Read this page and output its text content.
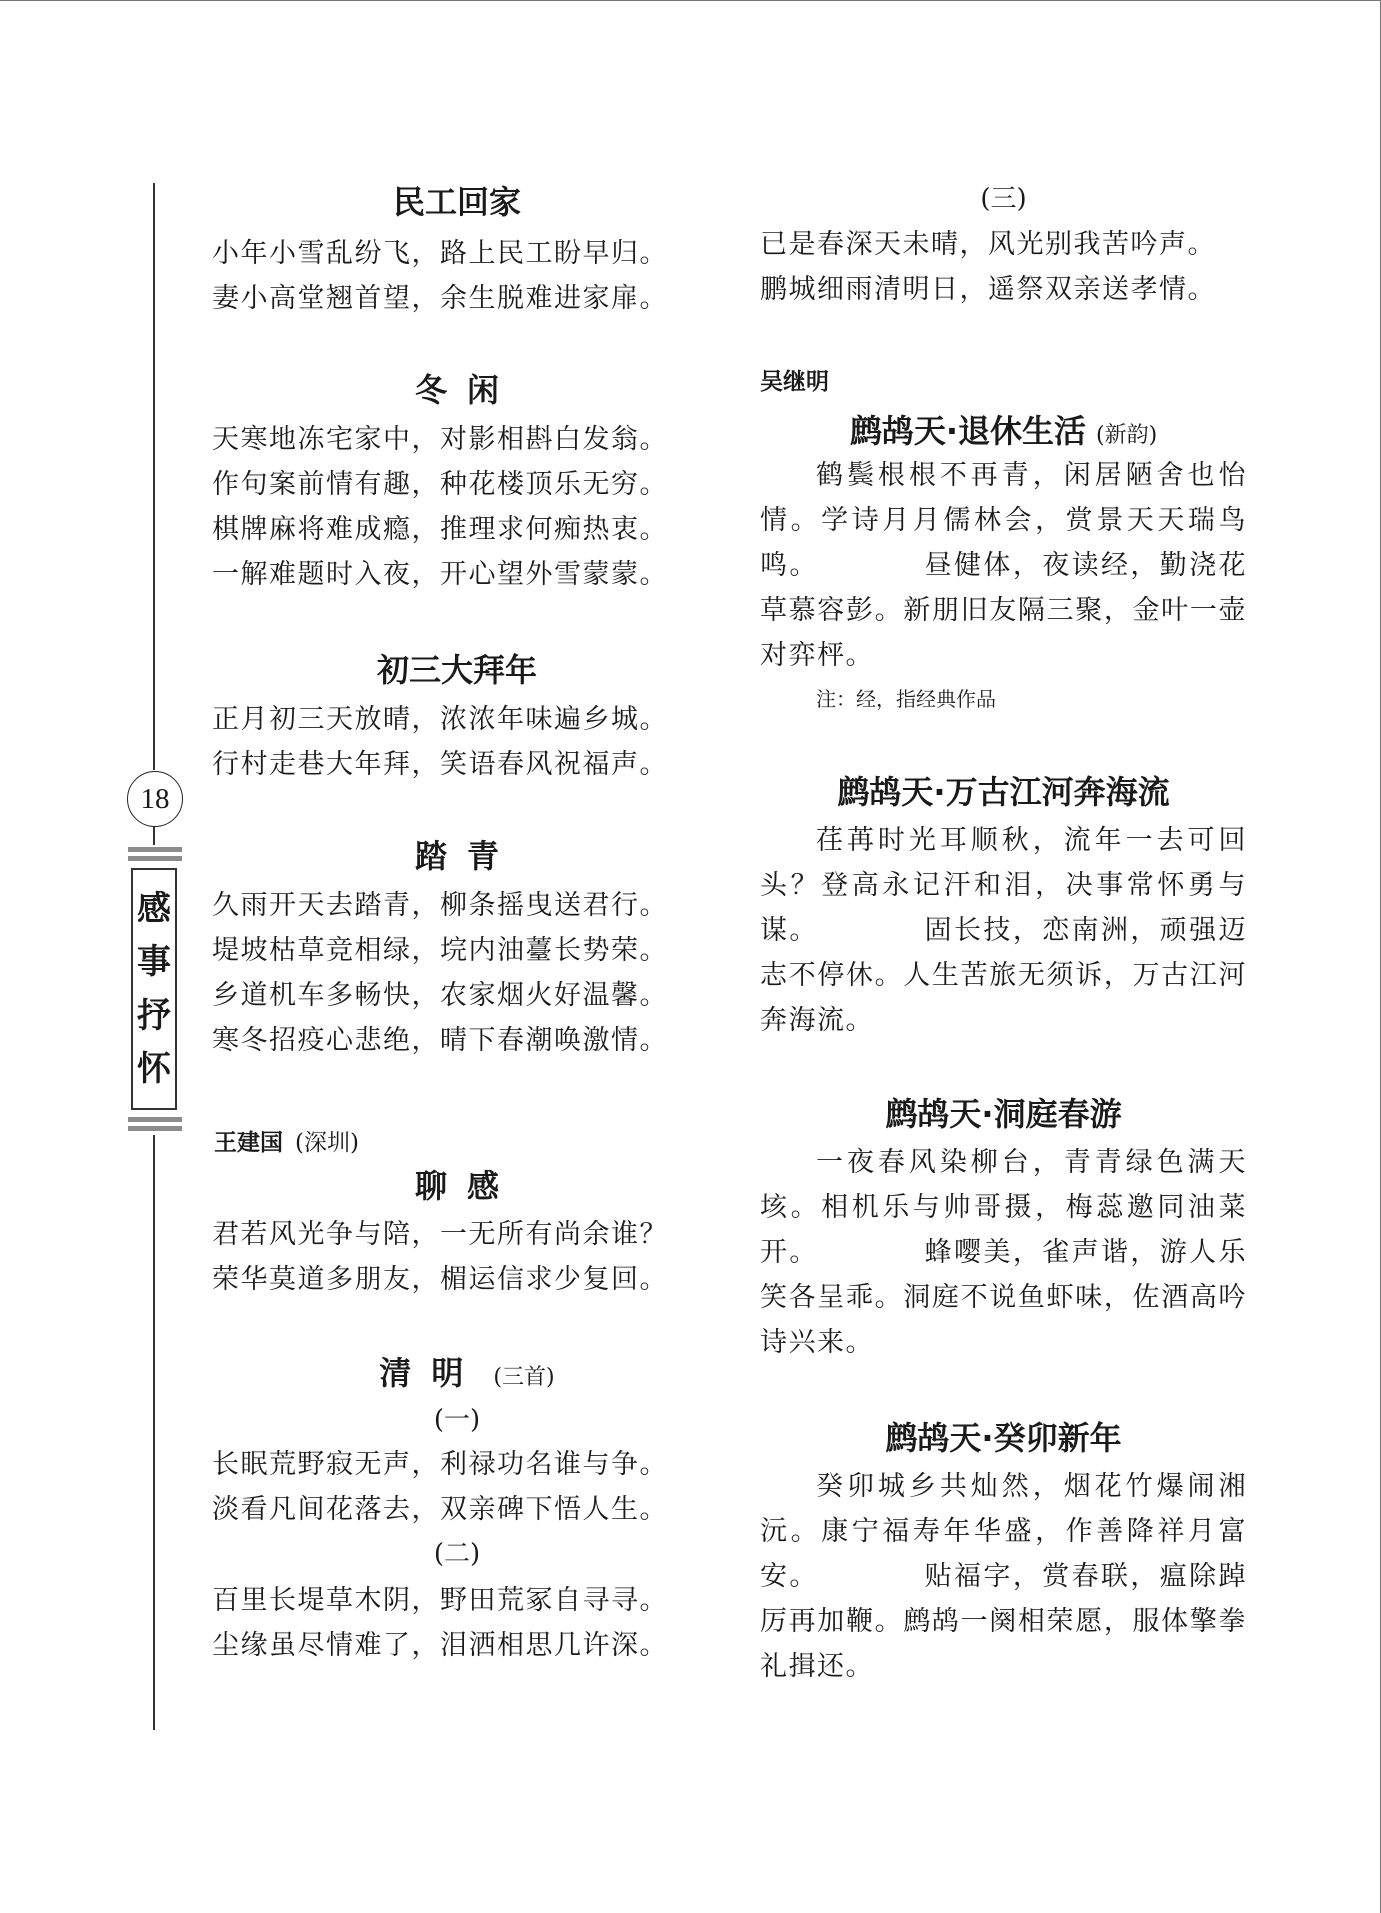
18
感
事
抒
怀
民工回家
小年小雪乱纷飞，路上民工盼早归。
妻小高堂翘首望，余生脱难进家扉。
冬闲
天寒地冻宅家中，对影相斟白发翁。
作句案前情有趣，种花楼顶乐无穷。
棋牌麻将难成瘾，推理求何痴热衷。
一解难题时入夜，开心望外雪蒙蒙。
初三大拜年
正月初三天放晴，浓浓年味遍乡城。
行村走巷大年拜，笑语春风祝福声。
踏青
久雨开天去踏青，柳条摇曳送君行。
堤坡枯草竞相绿，垸内油薹长势荣。
乡道机车多畅快，农家烟火好温馨。
寒冬招疫心悲绝，晴下春潮唤激情。
王建国 (深圳)
聊感
君若风光争与陪，一无所有尚余谁？
荣华莫道多朋友，楣运信求少复回。
清明 (三首)
(一)
长眠荒野寂无声，利禄功名谁与争。
淡看凡间花落去，双亲碑下悟人生。
(二)
百里长堤草木阴，野田荒冢自寻寻。
尘缘虽尽情难了，泪洒相思几许深。
(三)
已是春深天未晴，风光别我苦吟声。
鹏城细雨清明日，遥祭双亲送孝情。
吴继明
鹧鸪天·退休生活 (新韵)

鹤鬓根根不再青，闲居陋舍也怡情。学诗月月儒林会，赏景天天瑞鸟鸣。	昼健体，夜读经，勤浇花草慕容彭。新朋旧友隔三聚，金叶一壶对弈枰。

注：经，指经典作品
鹧鸪天·万古江河奔海流

荏苒时光耳顺秋，流年一去可回头？登高永记汗和泪，决事常怀勇与谋。	固长技，恋南洲，顽强迈志不停休。人生苦旅无须诉，万古江河奔海流。

鹧鸪天·洞庭春游

一夜春风染柳台，青青绿色满天垓。相机乐与帅哥摄，梅蕊邀同油菜开。	蜂嘤美，雀声谐，游人乐笑各呈乖。洞庭不说鱼虾味，佐酒高吟诗兴来。

鹧鸪天·癸卯新年

癸卯城乡共灿然，烟花竹爆闹湘沅。康宁福寿年华盛，作善降祥月富安。	贴福字，赏春联，瘟除踔厉再加鞭。鹧鸪一阕相荣愿，服体擎拳礼揖还。
